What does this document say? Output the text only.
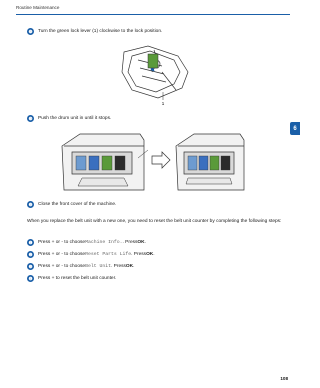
Routine Maintenance
6
➑	Turn the green lock lever (1) clockwise to the lock position.
1
➒	Push the drum unit in until it stops.
➓	Close the front cover of the machine.
When you replace the belt unit with a new one, you need to reset the belt unit counter by completing the following steps:
➊	Press + or - to choose Machine Info. . Press OK .
➋	Press + or - to choose Reset Parts Life . Press OK .
➌	Press + or - to choose Belt Unit . Press OK .
➍	Press + to reset the belt unit counter.
108
